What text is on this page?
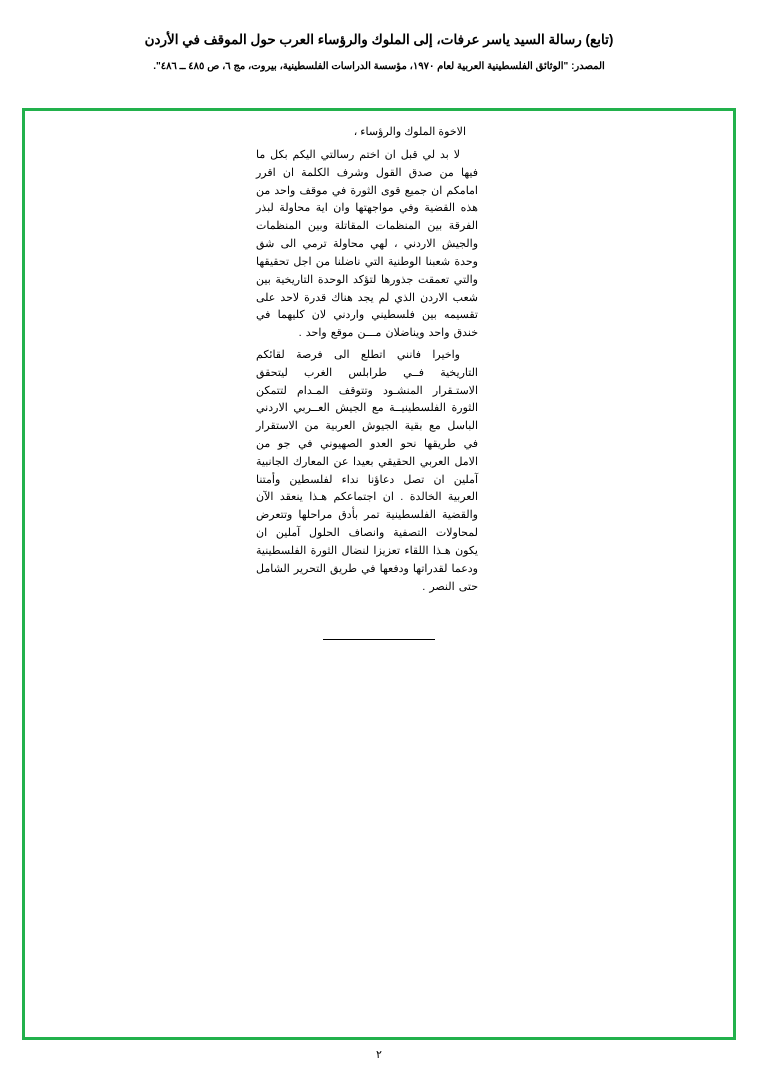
(تابع) رسالة السيد ياسر عرفات، إلى الملوك والرؤساء العرب حول الموقف في الأردن
المصدر: "الوثائق الفلسطينية العربية لعام ١٩٧٠، مؤسسة الدراسات الفلسطينية، بيروت، مج ٦، ص ٤٨٥ ــ ٤٨٦".
الاخوة الملوك والرؤساء ،

لا بد لي قبل ان اختم رسالتي اليكم بكل ما فيها من صدق القول وشرف الكلمة ان اقرر امامكم ان جميع قوى الثورة في موقف واحد من هذه القضية وفي مواجهتها وان اية محاولة لبذر الفرقة بين المنظمات المقاتلة وبين المنظمات والجيش الاردني ، لهي محاولة ترمي الى شق وحدة شعبنا الوطنية التي ناضلنا من اجل تحقيقها والتي تعمقت جذورها لتؤكد الوحدة التاريخية بين شعب الاردن الذي لم يجد هناك قدرة لاحد على تقسيمه بين فلسطيني واردني لان كليهما في خندق واحد ويناضلان مـــن موقع واحد .

واخيرا فانني اتطلع الى فرصة لقائكم التاريخية فــي طرابلس الغرب ليتحقق الاستـقرار المنشـود وتتوقف المـدام لتتمكن الثورة الفلسطينيــة مع الجيش العــربي الاردني الباسل مع بقية الجيوش العربية من الاستقرار في طريقها نحو العدو الصهيوني في جو من الامل العربي الحقيقي بعيدا عن المعارك الجانبية آملين ان تصل دعاؤنا نداء لفلسطين وأمتنا العربية الخالدة . ان اجتماعكم هـذا ينعقد الآن والقضية الفلسطينية تمر بأدق مراحلها وتتعرض لمحاولات التصفية وانصاف الحلول آملين ان يكون هـذا اللقاء تعزيزا لنضال الثورة الفلسطينية ودعما لقدراتها ودفعها في طريق التحرير الشامل حتى النصر .

٢
